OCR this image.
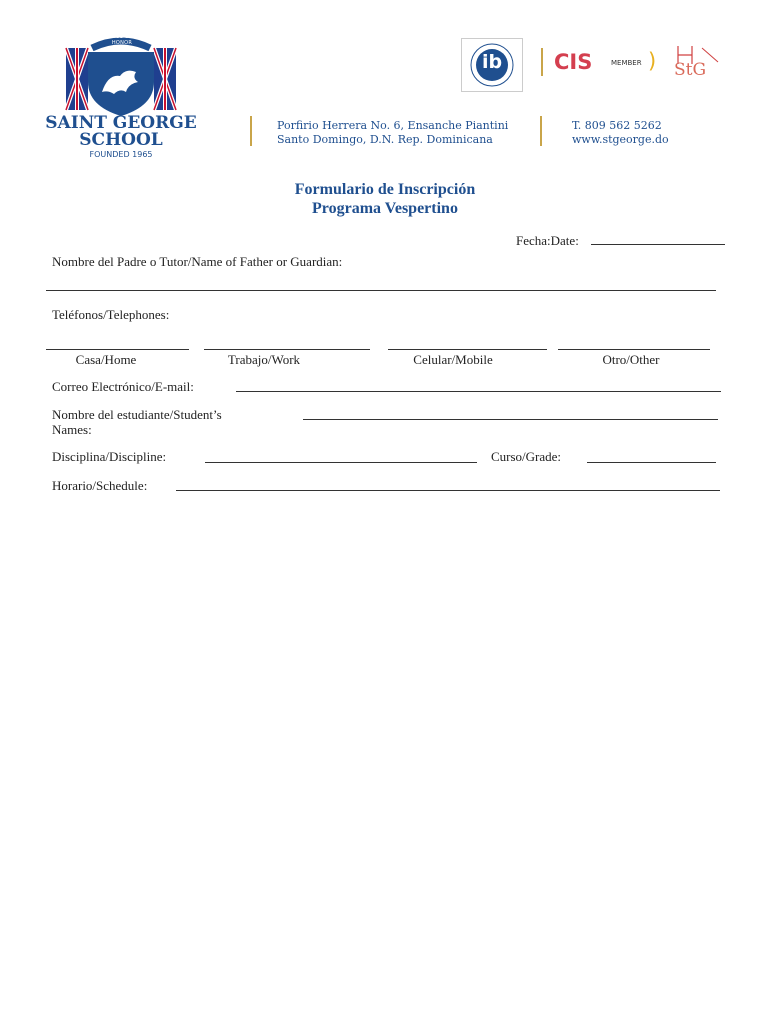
VIRTUS DEUS HONOR
SAINT GEORGE
SCHOOL
FOUNDED 1965
Porfirio Herrera No. 6, Ensanche Piantini
Santo Domingo, D.N. Rep. Dominicana
T. 809 562 5262
www.stgeorge.do
ib	CIS	MEMBER ) StG
Formulario de Inscripción
Programa Vespertino
Fecha:Date:
Nombre del Padre o Tutor/Name of Father or Guardian:
Teléfonos/Telephones:
Casa/Home	Trabajo/Work	Celular/Mobile	Otro/Other
Correo Electrónico/E-mail:
Nombre del estudiante/Student’s
Names:
Disciplina/Discipline:	Curso/Grade:
Horario/Schedule:
